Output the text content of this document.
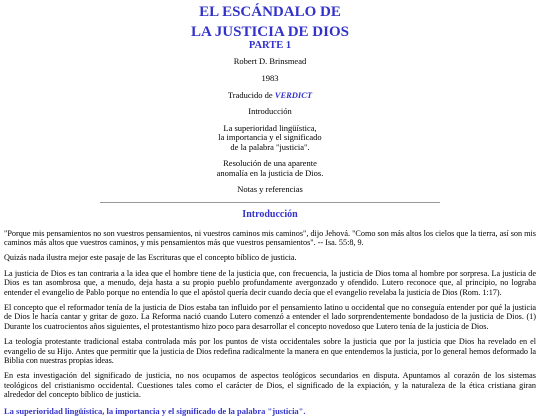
EL ESCÁNDALO DE
LA JUSTICIA DE DIOS
PARTE 1
Robert D. Brinsmead
1983
Traducido de VERDICT
Introducción
La superioridad lingüística,
la importancia y el significado
de la palabra "justicia".
Resolución de una aparente
anomalía en la justicia de Dios.
Notas y referencias
Introducción

"Porque mis pensamientos no son vuestros pensamientos, ni vuestros caminos mis caminos", dijo Jehová. "Como son más altos los cielos que la tierra, así son mis caminos más altos que vuestros caminos, y mis pensamientos más que vuestros pensamientos". -- Isa. 55:8, 9.

Quizás nada ilustra mejor este pasaje de las Escrituras que el concepto bíblico de justicia.

La justicia de Dios es tan contraria a la idea que el hombre tiene de la justicia que, con frecuencia, la justicia de Dios toma al hombre por sorpresa. La justicia de Dios es tan asombrosa que, a menudo, deja hasta a su propio pueblo profundamente avergonzado y ofendido. Lutero reconoce que, al principio, no lograba entender el evangelio de Pablo porque no entendía lo que el apóstol quería decir cuando decía que el evangelio revelaba la justicia de Dios (Rom. 1:17).

El concepto que el reformador tenía de la justicia de Dios estaba tan influido por el pensamiento latino u occidental que no conseguía entender por qué la justicia de Dios le hacía cantar y gritar de gozo. La Reforma nació cuando Lutero comenzó a entender el lado sorprendentemente bondadoso de la justicia de Dios. (1) Durante los cuatrocientos años siguientes, el protestantismo hizo poco para desarrollar el concepto novedoso que Lutero tenía de la justicia de Dios.

La teología protestante tradicional estaba controlada más por los puntos de vista occidentales sobre la justicia que por la justicia que Dios ha revelado en el evangelio de su Hijo. Antes que permitir que la justicia de Dios redefina radicalmente la manera en que entendemos la justicia, por lo general hemos deformado la Biblia con nuestras propias ideas.

En esta investigación del significado de justicia, no nos ocupamos de aspectos teológicos secundarios en disputa. Apuntamos al corazón de los sistemas teológicos del cristianismo occidental. Cuestiones tales como el carácter de Dios, el significado de la expiación, y la naturaleza de la ética cristiana giran alrededor del concepto bíblico de justicia.

La superioridad lingüística, la importancia y el significado de la palabra "justicia".
